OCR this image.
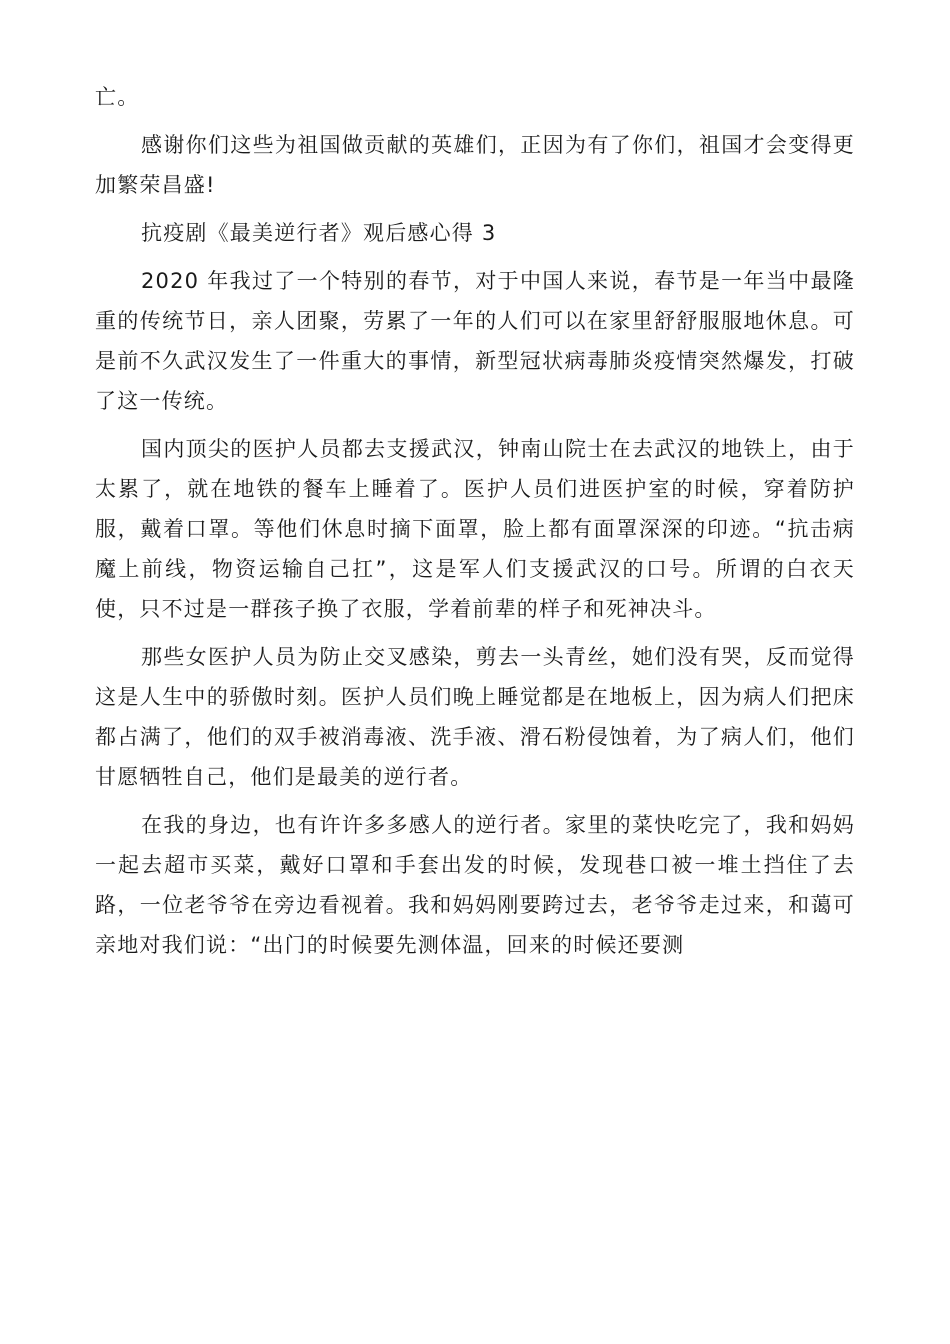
亡。

感谢你们这些为祖国做贡献的英雄们，正因为有了你们，祖国才会变得更加繁荣昌盛!

抗疫剧《最美逆行者》观后感心得 3

2020 年我过了一个特别的春节，对于中国人来说，春节是一年当中最隆重的传统节日，亲人团聚，劳累了一年的人们可以在家里舒舒服服地休息。可是前不久武汉发生了一件重大的事情，新型冠状病毒肺炎疫情突然爆发，打破了这一传统。

国内顶尖的医护人员都去支援武汉，钟南山院士在去武汉的地铁上，由于太累了，就在地铁的餐车上睡着了。医护人员们进医护室的时候，穿着防护服，戴着口罩。等他们休息时摘下面罩，脸上都有面罩深深的印迹。“抗击病魔上前线，物资运输自己扛”，这是军人们支援武汉的口号。所谓的白衣天使，只不过是一群孩子换了衣服，学着前辈的样子和死神决斗。

那些女医护人员为防止交叉感染，剪去一头青丝，她们没有哭，反而觉得这是人生中的骄傲时刻。医护人员们晚上睡觉都是在地板上，因为病人们把床都占满了，他们的双手被消毒液、洗手液、滑石粉侵蚀着，为了病人们，他们甘愿牺牲自己，他们是最美的逆行者。

在我的身边，也有许许多多感人的逆行者。家里的菜快吃完了，我和妈妈一起去超市买菜，戴好口罩和手套出发的时候，发现巷口被一堆土挡住了去路，一位老爷爷在旁边看视着。我和妈妈刚要跨过去，老爷爷走过来，和蔼可亲地对我们说：“出门的时候要先测体温，回来的时候还要测
